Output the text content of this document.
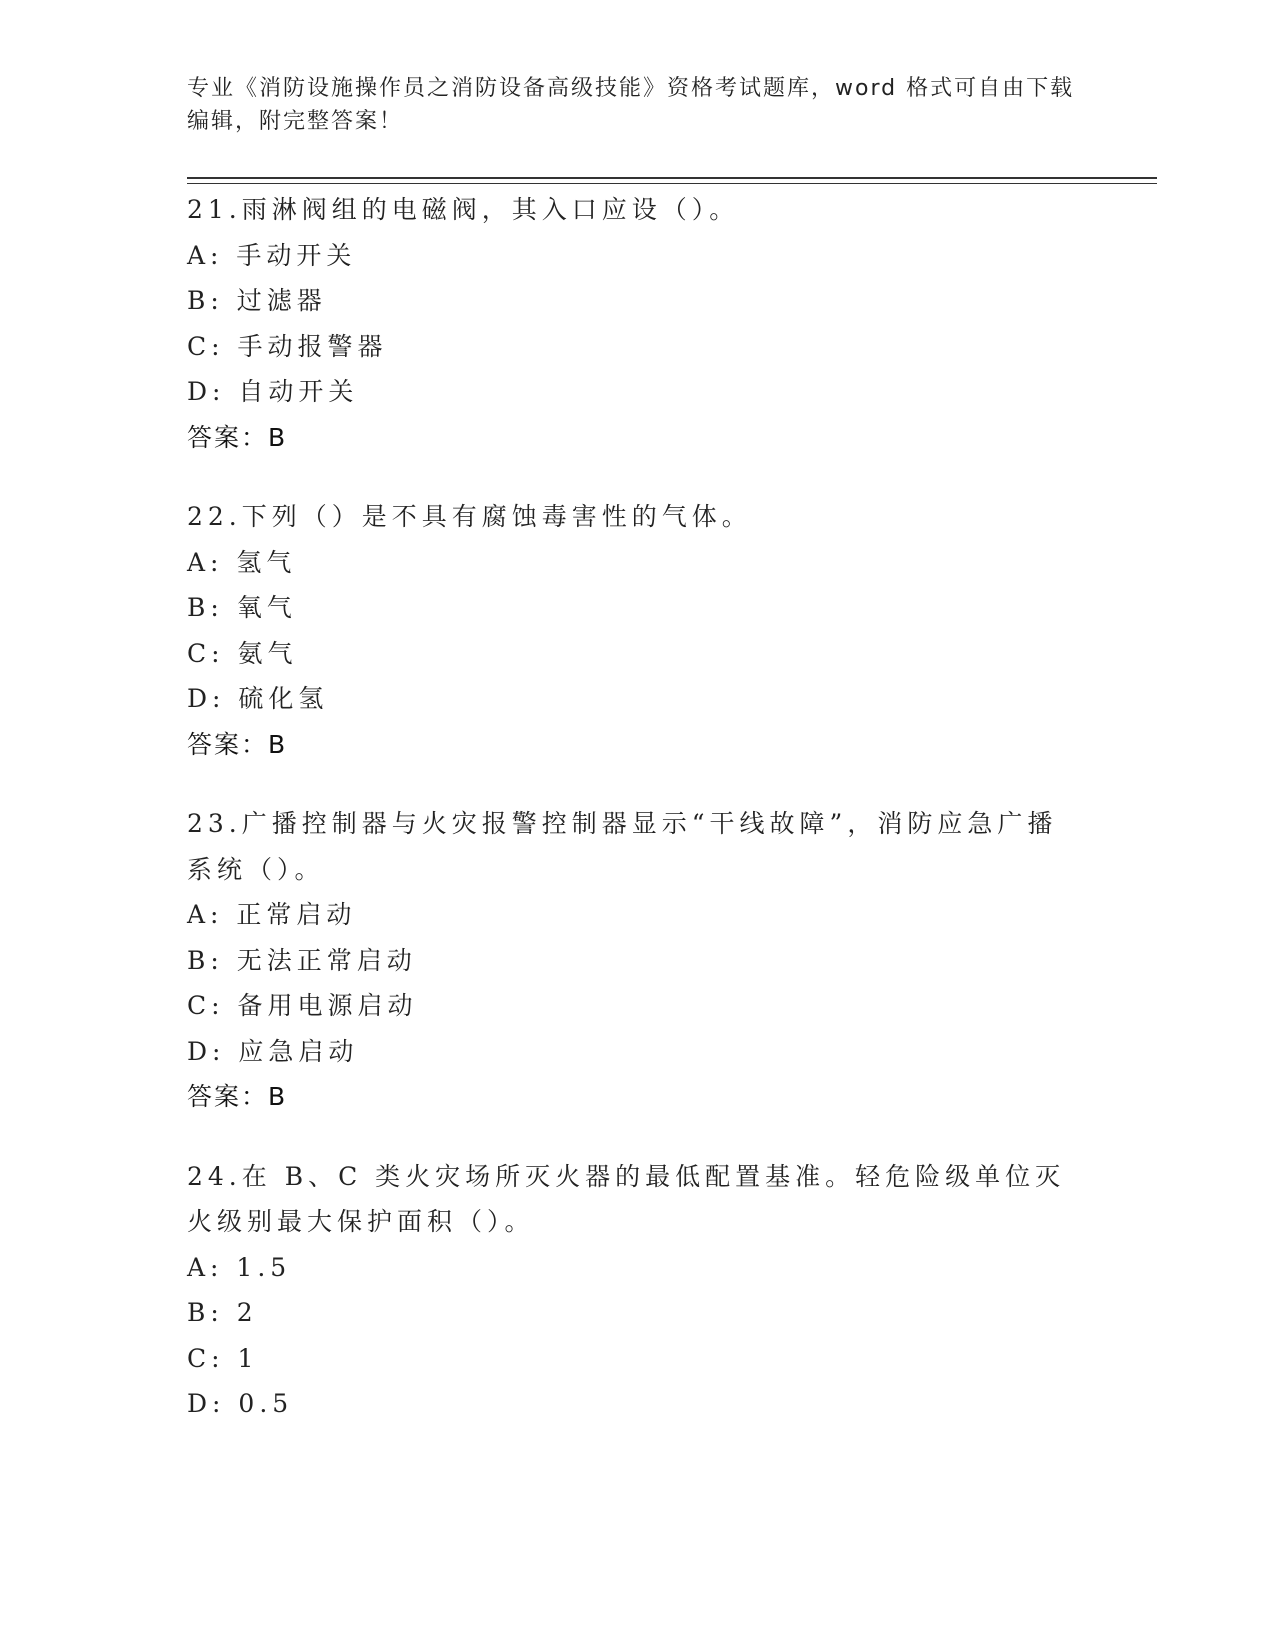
专业《消防设施操作员之消防设备高级技能》资格考试题库，word 格式可自由下载编辑，附完整答案！
21.雨淋阀组的电磁阀，其入口应设（）。
A: 手动开关
B: 过滤器
C: 手动报警器
D: 自动开关
答案：B
22.下列（）是不具有腐蚀毒害性的气体。
A: 氢气
B: 氧气
C: 氨气
D: 硫化氢
答案：B
23.广播控制器与火灾报警控制器显示“干线故障”，消防应急广播系统（）。
A: 正常启动
B: 无法正常启动
C: 备用电源启动
D: 应急启动
答案：B
24.在 B、C 类火灾场所灭火器的最低配置基准。轻危险级单位灭火级别最大保护面积（）。
A: 1.5
B: 2
C: 1
D: 0.5
